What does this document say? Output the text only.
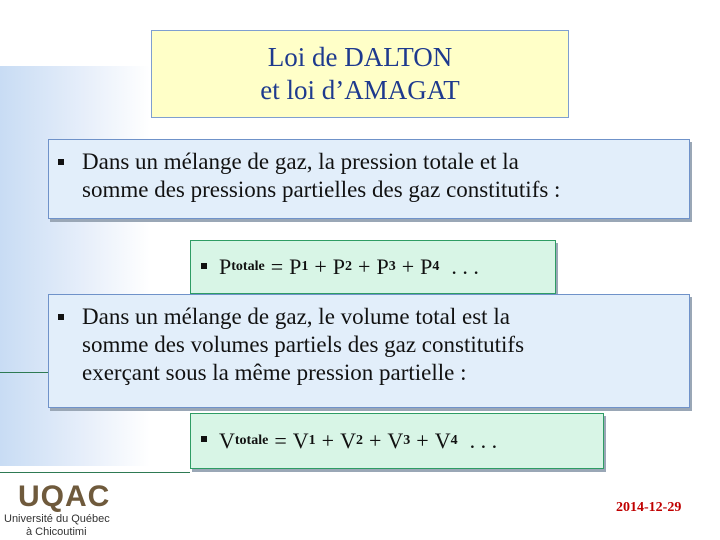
Loi de DALTON
et loi d’AMAGAT

Dans un mélange de gaz, la pression totale et la

somme des pressions partielles des gaz constitutifs :

P totale = P 1 + P 2 + P 3 + P 4 . . .

Dans un mélange de gaz, le volume total est la

somme des volumes partiels des gaz constitutifs

exerçant sous la même pression partielle :

V totale = V 1 + V 2 + V 3 + V 4 . . .
UQAC
Université du Québec
à Chicoutimi
2014-12-29
